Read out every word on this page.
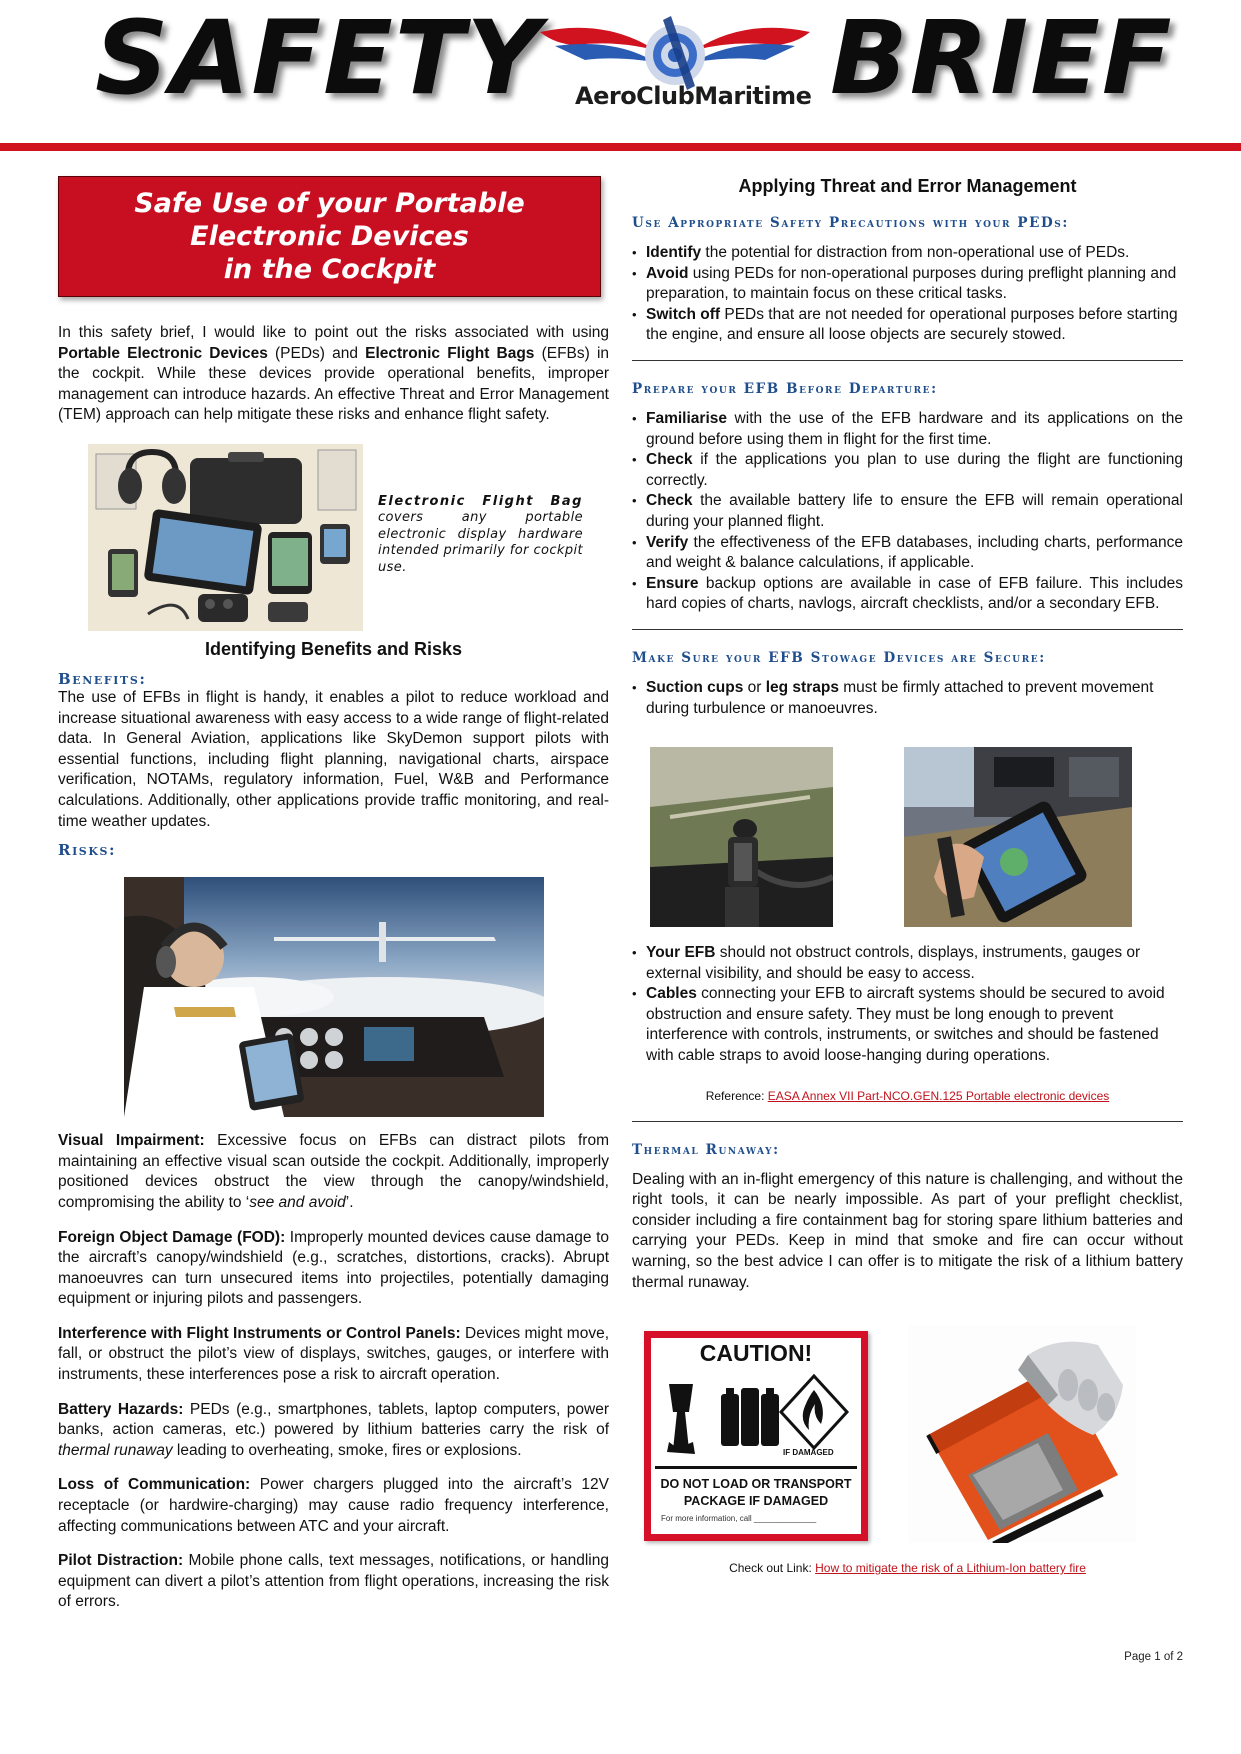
SAFETY AeroClubMaritime BRIEF
Safe Use of your Portable
Electronic Devices
in the Cockpit

In this safety brief, I would like to point out the risks associated with using Portable Electronic Devices (PEDs) and Electronic Flight Bags (EFBs) in the cockpit. While these devices provide operational benefits, improper management can introduce hazards. An effective Threat and Error Management (TEM) approach can help mitigate these risks and enhance flight safety.

Electronic Flight Bag covers any portable electronic display hardware intended primarily for cockpit use.
Identifying Benefits and Risks
Benefits:

The use of EFBs in flight is handy, it enables a pilot to reduce workload and increase situational awareness with easy access to a wide range of flight-related data. In General Aviation, applications like SkyDemon support pilots with essential functions, including flight planning, navigational charts, airspace verification, NOTAMs, regulatory information, Fuel, W&B and Performance calculations. Additionally, other applications provide traffic monitoring, and real-time weather updates.

Risks:

Visual Impairment: Excessive focus on EFBs can distract pilots from maintaining an effective visual scan outside the cockpit. Additionally, improperly positioned devices obstruct the view through the canopy/windshield, compromising the ability to ‘see and avoid’.

Foreign Object Damage (FOD): Improperly mounted devices cause damage to the aircraft’s canopy/windshield (e.g., scratches, distortions, cracks). Abrupt manoeuvres can turn unsecured items into projectiles, potentially damaging equipment or injuring pilots and passengers.

Interference with Flight Instruments or Control Panels: Devices might move, fall, or obstruct the pilot’s view of displays, switches, gauges, or interfere with instruments, these interferences pose a risk to aircraft operation.

Battery Hazards: PEDs (e.g., smartphones, tablets, laptop computers, power banks, action cameras, etc.) powered by lithium batteries carry the risk of thermal runaway leading to overheating, smoke, fires or explosions.

Loss of Communication: Power chargers plugged into the aircraft’s 12V receptacle (or hardwire-charging) may cause radio frequency interference, affecting communications between ATC and your aircraft.

Pilot Distraction: Mobile phone calls, text messages, notifications, or handling equipment can divert a pilot’s attention from flight operations, increasing the risk of errors.

Applying Threat and Error Management
Use Appropriate Safety Precautions with your PEDs:
• Identify the potential for distraction from non-operational use of PEDs.
• Avoid using PEDs for non-operational purposes during preflight planning and preparation, to maintain focus on these critical tasks.
• Switch off PEDs that are not needed for operational purposes before starting the engine, and ensure all loose objects are securely stowed.
Prepare your EFB Before Departure:
• Familiarise with the use of the EFB hardware and its applications on the ground before using them in flight for the first time.
• Check if the applications you plan to use during the flight are functioning correctly.
• Check the available battery life to ensure the EFB will remain operational during your planned flight.
• Verify the effectiveness of the EFB databases, including charts, performance and weight & balance calculations, if applicable.
• Ensure backup options are available in case of EFB failure. This includes hard copies of charts, navlogs, aircraft checklists, and/or a secondary EFB.
Make Sure your EFB Stowage Devices are Secure:
• Suction cups or leg straps must be firmly attached to prevent movement during turbulence or manoeuvres.
• Your EFB should not obstruct controls, displays, instruments, gauges or external visibility, and should be easy to access.
• Cables connecting your EFB to aircraft systems should be secured to avoid obstruction and ensure safety. They must be long enough to prevent interference with controls, instruments, or switches and should be fastened with cable straps to avoid loose-hanging during operations.
Reference: EASA Annex VII Part-NCO.GEN.125 Portable electronic devices
Thermal Runaway:

Dealing with an in-flight emergency of this nature is challenging, and without the right tools, it can be nearly impossible. As part of your preflight checklist, consider including a fire containment bag for storing spare lithium batteries and carrying your PEDs. Keep in mind that smoke and fire can occur without warning, so the best advice I can offer is to mitigate the risk of a lithium battery thermal runaway.

CAUTION!
IF DAMAGED
DO NOT LOAD OR TRANSPORT
PACKAGE IF DAMAGED
For more information, call ______________
Check out Link: How to mitigate the risk of a Lithium-Ion battery fire
Page 1 of 2
